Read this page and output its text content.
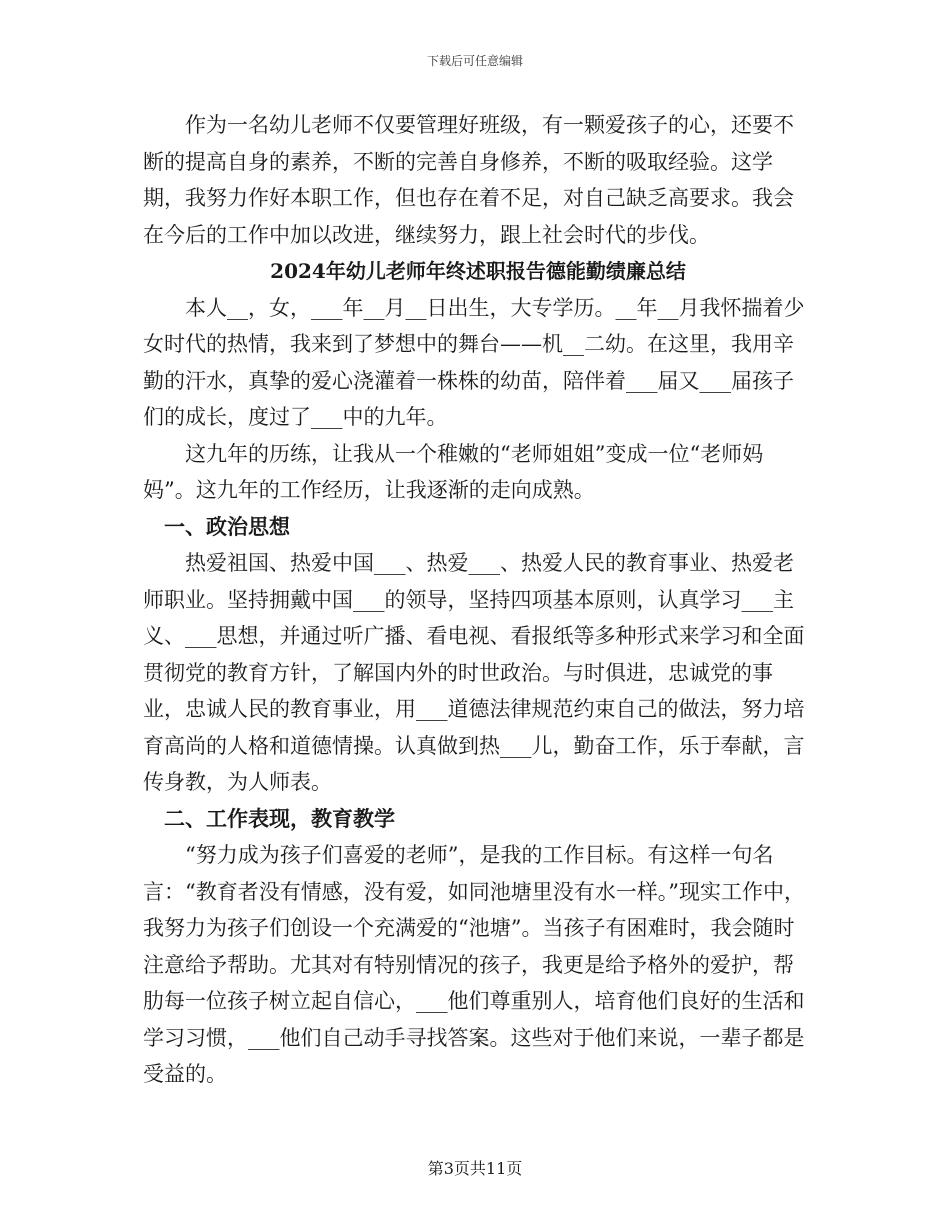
下载后可任意编辑

作为一名幼儿老师不仅要管理好班级，有一颗爱孩子的心，还要不断的提高自身的素养，不断的完善自身修养，不断的吸取经验。这学期，我努力作好本职工作，但也存在着不足，对自己缺乏高要求。我会在今后的工作中加以改进，继续努力，跟上社会时代的步伐。

2024年幼儿老师年终述职报告德能勤绩廉总结

本人__，女，___年__月__日出生，大专学历。__年__月我怀揣着少女时代的热情，我来到了梦想中的舞台——机__二幼。在这里，我用辛勤的汗水，真挚的爱心浇灌着一株株的幼苗，陪伴着___届又___届孩子们的成长，度过了___中的九年。

这九年的历练，让我从一个稚嫩的“老师姐姐”变成一位“老师妈妈”。这九年的工作经历，让我逐渐的走向成熟。

一、政治思想

热爱祖国、热爱中国___、热爱___、热爱人民的教育事业、热爱老师职业。坚持拥戴中国___的领导，坚持四项基本原则，认真学习___主义、___思想，并通过听广播、看电视、看报纸等多种形式来学习和全面贯彻党的教育方针，了解国内外的时世政治。与时俱进，忠诚党的事业，忠诚人民的教育事业，用___道德法律规范约束自己的做法，努力培育高尚的人格和道德情操。认真做到热___儿，勤奋工作，乐于奉献，言传身教，为人师表。

二、工作表现，教育教学

“努力成为孩子们喜爱的老师”，是我的工作目标。有这样一句名言：“教育者没有情感，没有爱，如同池塘里没有水一样。”现实工作中，我努力为孩子们创设一个充满爱的“池塘”。当孩子有困难时，我会随时注意给予帮助。尤其对有特别情况的孩子，我更是给予格外的爱护，帮肋每一位孩子树立起自信心，___他们尊重别人，培育他们良好的生活和学习习惯，___他们自己动手寻找答案。这些对于他们来说，一辈子都是受益的。

第3页共11页
